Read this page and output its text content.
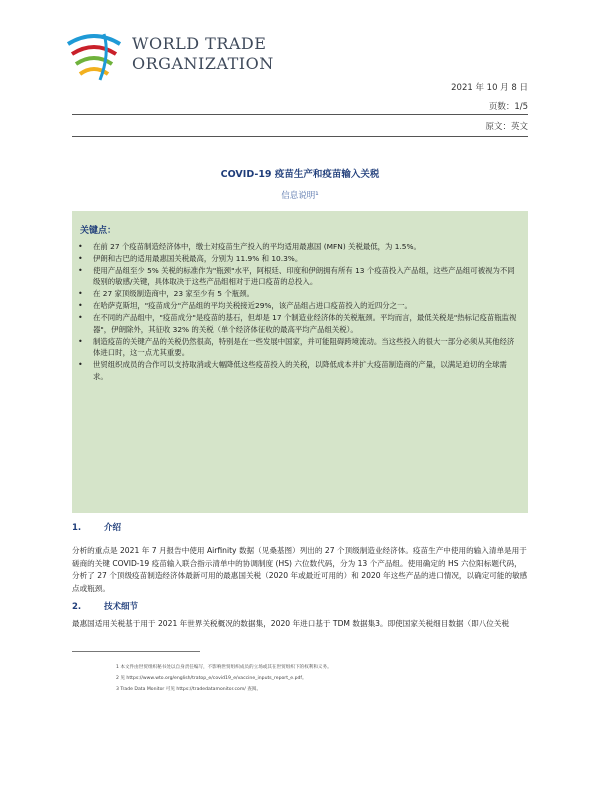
WORLD TRADE
ORGANIZATION
2021 年 10 月 8 日
页数：1/5
原文：英文
COVID-19 疫苗生产和疫苗输入关税
信息说明¹
关键点：
• 在前 27 个疫苗制造经济体中，缴士对疫苗生产投入的平均适用最惠国 (MFN) 关税最低，为 1.5%。
• 伊朗和古巴的适用最惠国关税最高，分别为 11.9% 和 10.3%。
• 使用产品组至少 5% 关税的标准作为"瓶颈"水平，阿根廷、印度和伊朗拥有所有 13 个疫苗投入产品组，这些产品组可被视为不同级别的敏感/关键，具体取决于这些产品组相对于进口疫苗的总投入。
• 在 27 家顶级制造商中，23 家至少有 5 个瓶颈。
• 在哈萨克斯坦，"疫苗成分"产品组的平均关税接近29%，该产品组占进口疫苗投入的近四分之一。
• 在不同的产品组中，"疫苗成分"是疫苗的基石，但却是 17 个制造业经济体的关税瓶颈。平均而言，最低关税是"热标记疫苗瓶监视器"，伊朗除外，其征收 32% 的关税（单个经济体征收的最高平均产品组关税）。
• 制造疫苗的关键产品的关税仍然很高，特别是在一些发展中国家，并可能阻碍跨境流动。当这些投入的很大一部分必须从其他经济体进口时，这一点尤其重要。
• 世贸组织成员的合作可以支持取消或大幅降低这些疫苗投入的关税，以降低成本并扩大疫苗制造商的产量，以满足迫切的全球需求。
1.	介绍
分析的重点是 2021 年 7 月报告中使用 Airfinity 数据（见桑基图）列出的 27 个顶级制造业经济体。疫苗生产中使用的输入清单是用于磋商的关键 COVID-19 疫苗输入联合指示清单中的协调制度 (HS) 六位数代码，分为 13 个产品组。使用确定的 HS 六位阳标题代码，分析了 27 个顶级疫苗制造经济体最新可用的最惠国关税（2020 年或最近可用的）和 2020 年这些产品的进口情况，以确定可能的敏感点或瓶颈。
2.	技术细节
最惠国适用关税基于用于 2021 年世界关税概况的数据集，2020 年进口基于 TDM 数据集3。即使国家关税细目数据（即八位关税
1 本文件由世贸组织秘书处以自身责任编写，不影响世贸组织成员的立场或其在世贸组织下的权利和义务。
2 见 https://www.wto.org/english/tratop_e/covid19_e/vaccine_inputs_report_e.pdf。
3 Trade Data Monitor 可见 https://tradedatamonitor.com/ 查阅。
